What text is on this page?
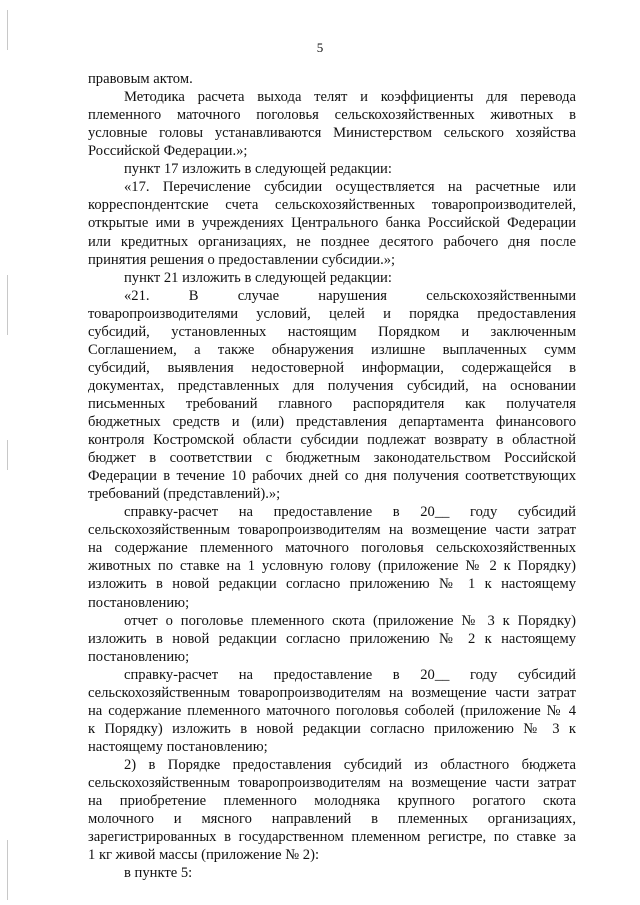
5
правовым актом.
Методика расчета выхода телят и коэффициенты для перевода
племенного маточного поголовья сельскохозяйственных животных в
условные головы устанавливаются Министерством сельского хозяйства
Российской Федерации.»;
пункт 17 изложить в следующей редакции:
«17. Перечисление субсидии осуществляется на расчетные или
корреспондентские счета сельскохозяйственных товаропроизводителей,
открытые ими в учреждениях Центрального банка Российской Федерации
или кредитных организациях, не позднее десятого рабочего дня после
принятия решения о предоставлении субсидии.»;
пункт 21 изложить в следующей редакции:
«21. В случае нарушения сельскохозяйственными
товаропроизводителями условий, целей и порядка предоставления
субсидий, установленных настоящим Порядком и заключенным
Соглашением, а также обнаружения излишне выплаченных сумм
субсидий, выявления недостоверной информации, содержащейся в
документах, представленных для получения субсидий, на основании
письменных требований главного распорядителя как получателя
бюджетных средств и (или) представления департамента финансового
контроля Костромской области субсидии подлежат возврату в областной
бюджет в соответствии с бюджетным законодательством Российской
Федерации в течение 10 рабочих дней со дня получения соответствующих
требований (представлений).»;
справку-расчет на предоставление в 20__ году субсидий
сельскохозяйственным товаропроизводителям на возмещение части затрат
на содержание племенного маточного поголовья сельскохозяйственных
животных по ставке на 1 условную голову (приложение № 2 к Порядку)
изложить в новой редакции согласно приложению № 1 к настоящему
постановлению;
отчет о поголовье племенного скота (приложение № 3 к Порядку)
изложить в новой редакции согласно приложению № 2 к настоящему
постановлению;
справку-расчет на предоставление в 20__ году субсидий
сельскохозяйственным товаропроизводителям на возмещение части затрат
на содержание племенного маточного поголовья соболей (приложение № 4
к Порядку) изложить в новой редакции согласно приложению № 3 к
настоящему постановлению;
2) в Порядке предоставления субсидий из областного бюджета
сельскохозяйственным товаропроизводителям на возмещение части затрат
на приобретение племенного молодняка крупного рогатого скота
молочного и мясного направлений в племенных организациях,
зарегистрированных в государственном племенном регистре, по ставке за
1 кг живой массы (приложение № 2):
в пункте 5:
